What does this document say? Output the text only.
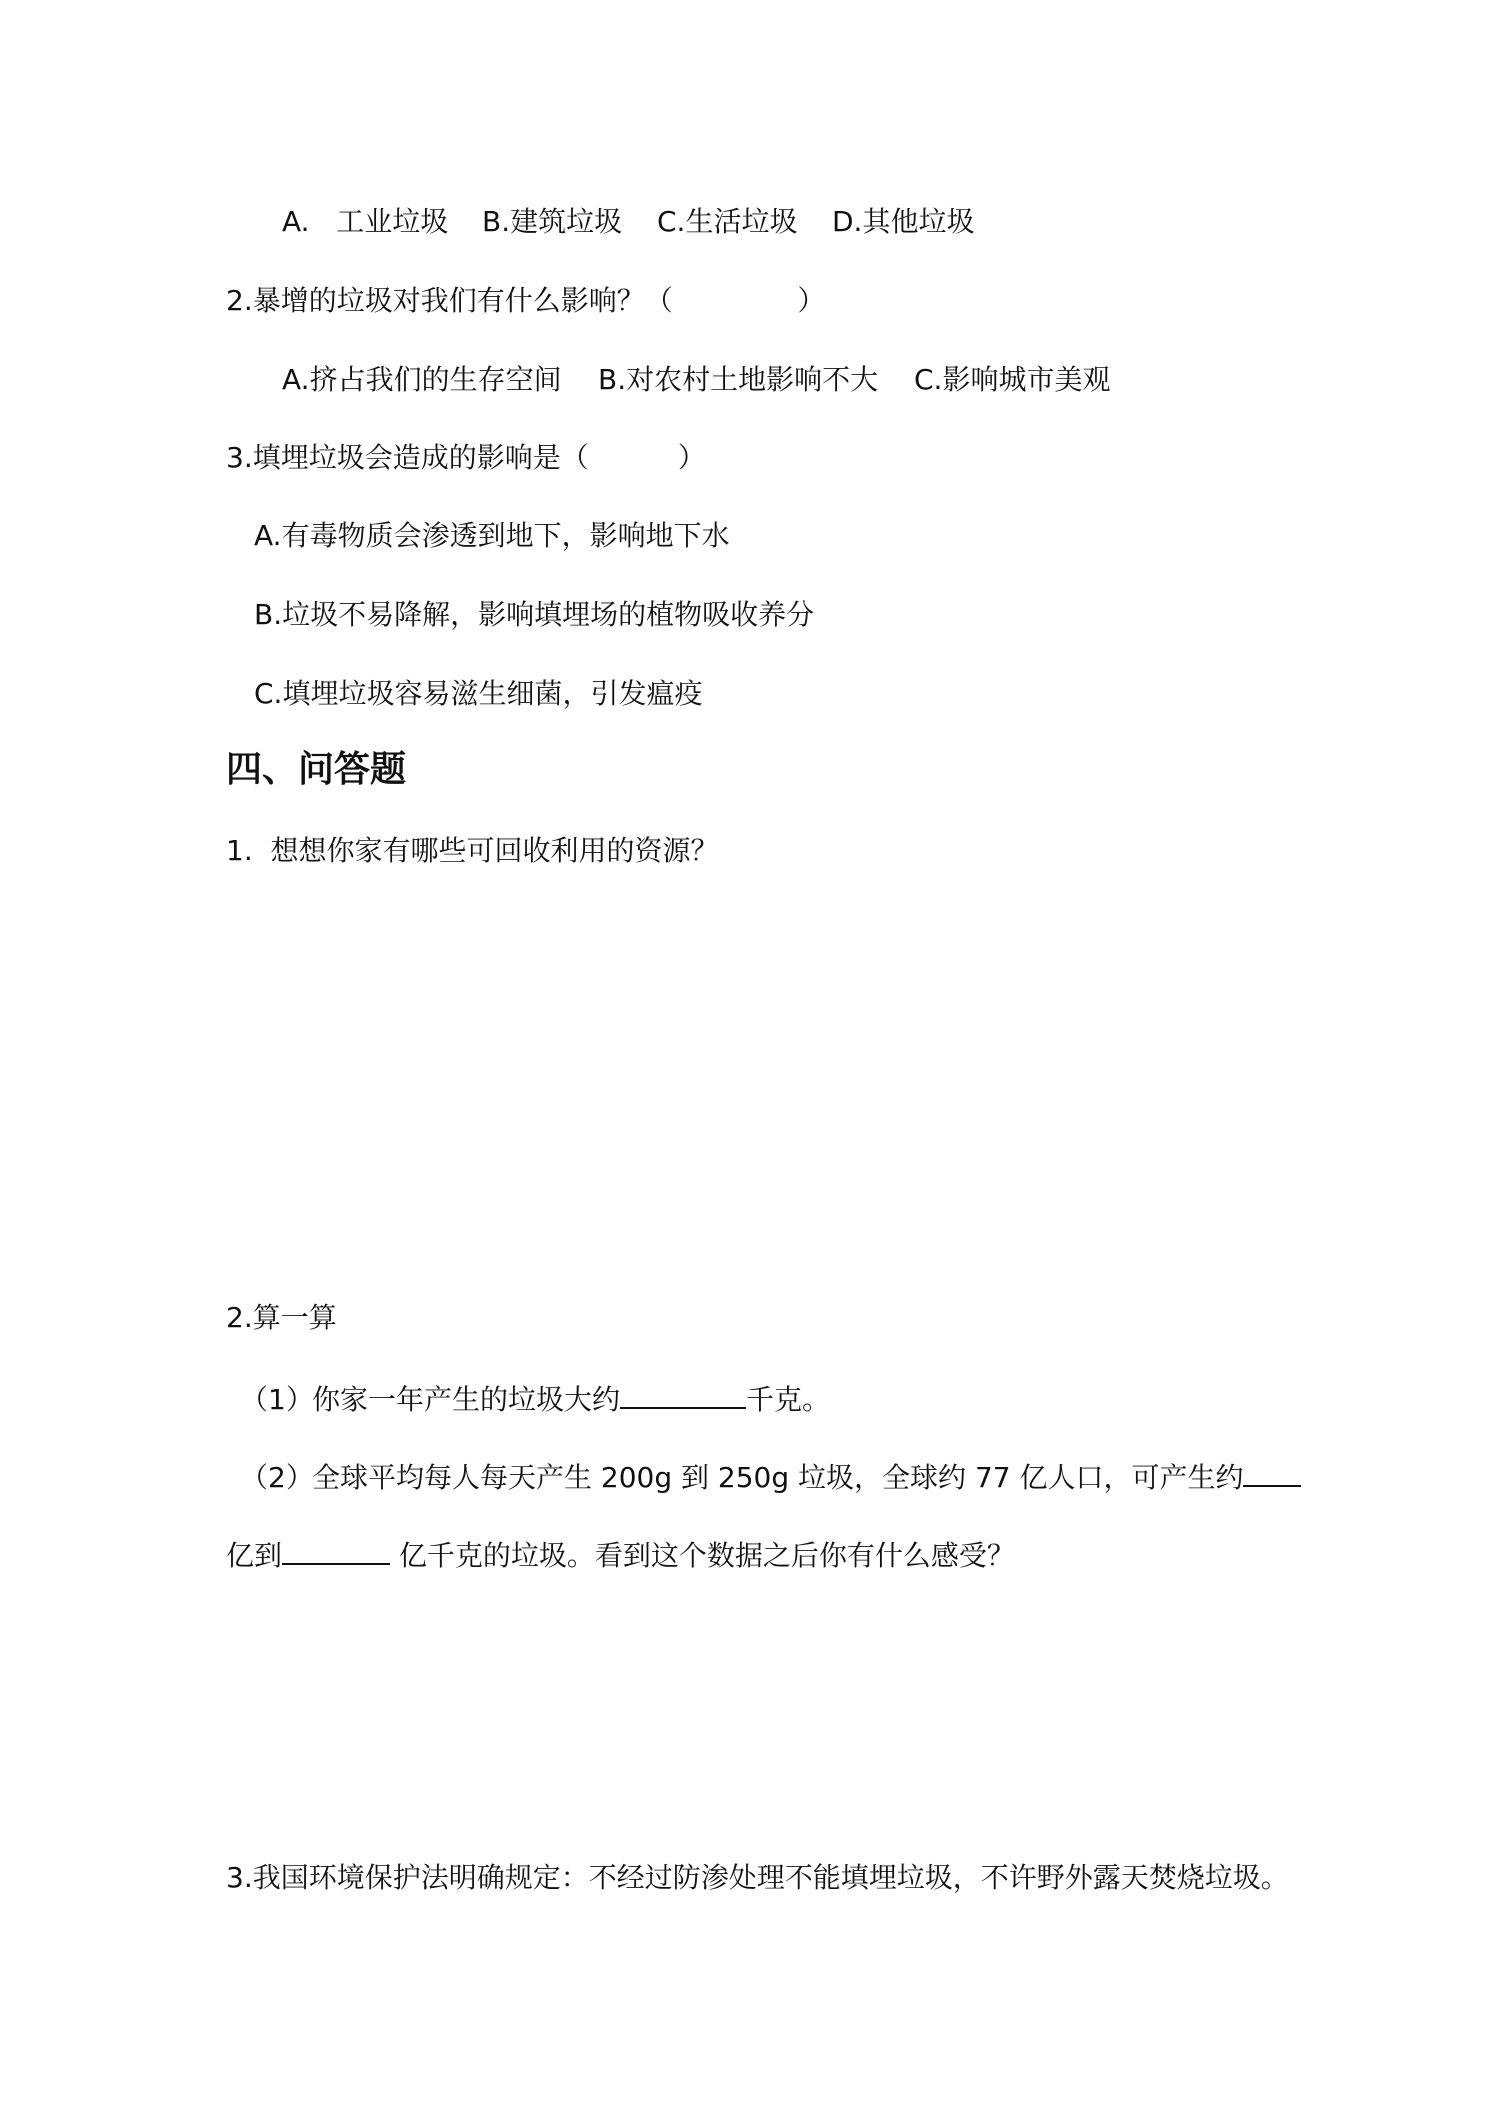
A.   工业垃圾 B.建筑垃圾 C.生活垃圾 D.其他垃圾
2.暴增的垃圾对我们有什么影响？（              ）
A.挤占我们的生存空间 B.对农村土地影响不大 C.影响城市美观
3.填埋垃圾会造成的影响是（          ）
A.有毒物质会渗透到地下，影响地下水
B.垃圾不易降解，影响填埋场的植物吸收养分
C.填埋垃圾容易滋生细菌，引发瘟疫
四、问答题
1.  想想你家有哪些可回收利用的资源？
2.算一算
（1）你家一年产生的垃圾大约	千克。
（2）全球平均每人每天产生 200g 到 250g 垃圾，全球约 77 亿人口，可产生约
亿到	亿千克的垃圾。看到这个数据之后你有什么感受？
3.我国环境保护法明确规定：不经过防渗处理不能填埋垃圾，不许野外露天焚烧垃圾。
